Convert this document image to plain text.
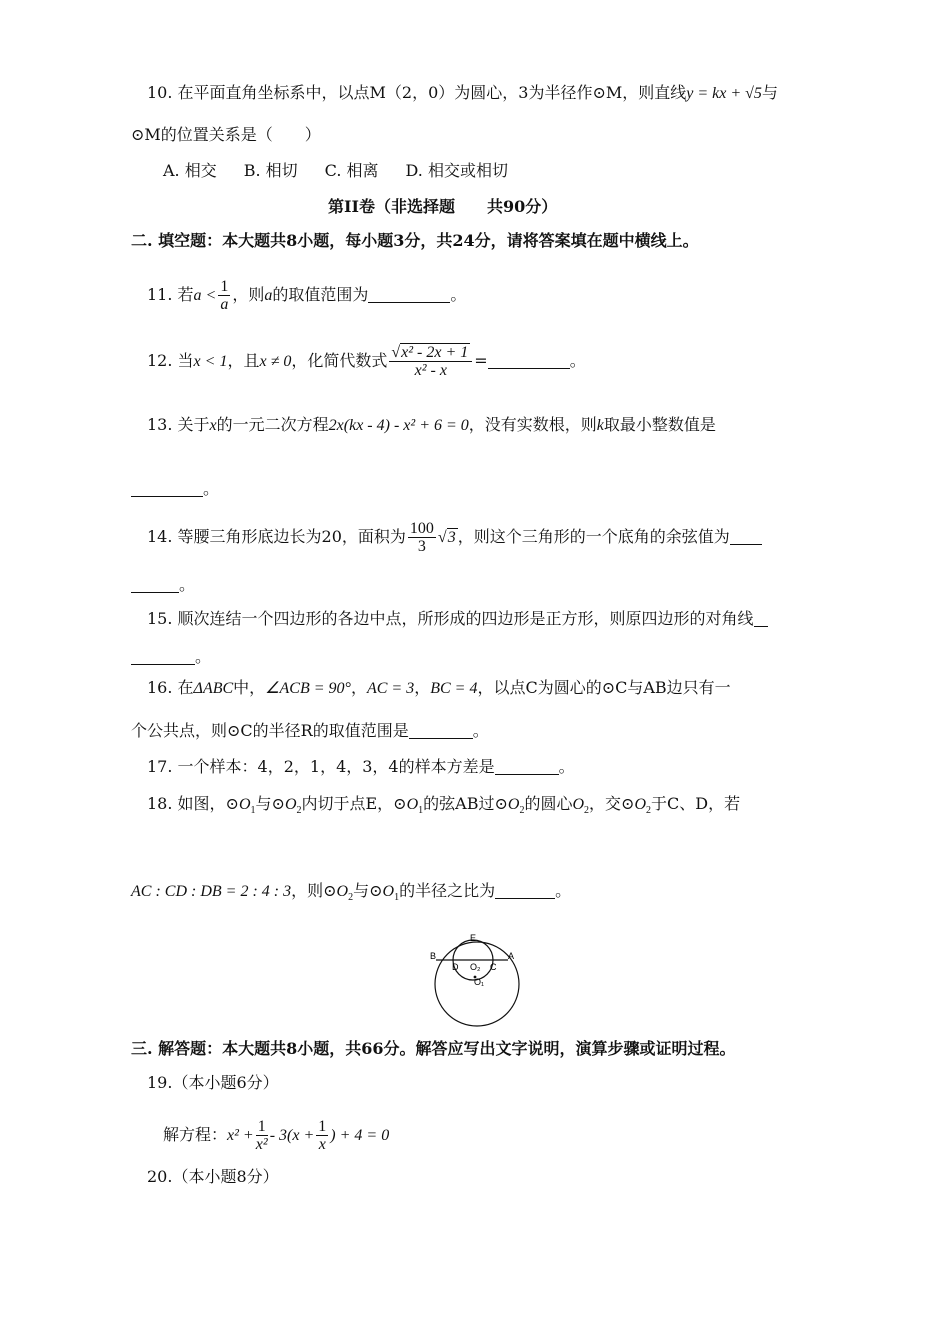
10. 在平面直角坐标系中，以点M（2，0）为圆心，3为半径作⊙M，则直线y = kx + √5与
⊙M的位置关系是（　　）
A. 相交 B. 相切 C. 相离 D. 相交或相切
第II卷（非选择题　　共90分）
二. 填空题：本大题共8小题，每小题3分，共24分，请将答案填在题中横线上。
11. 若$a < \frac{1}{a}$ ，则a的取值范围为	。
12. 当x < 1，且x ≠ 0，化简代数式 $\frac{\text{√x² - 2x + 1}}{\text{x² - x}}$ =	。
13. 关于x的一元二次方程2x(kx - 4) - x² + 6 = 0，没有实数根，则k取最小整数值是
。
14. 等腰三角形底边长为20，面积为 $\frac{100}{3} √3$ ，则这个三角形的一个底角的余弦值为
。
15. 顺次连结一个四边形的各边中点，所形成的四边形是正方形，则原四边形的对角线
。
16. 在ΔABC中，∠ACB = 90°，AC = 3，BC = 4，以点C为圆心的⊙C与AB边只有一
个公共点，则⊙C的半径R的取值范围是	。
17. 一个样本：4，2，1，4，3，4的样本方差是	。
18. 如图，$⊙O_1$与$⊙O_2$内切于点E，$⊙O_1$的弦AB过$⊙O_2$的圆心$O_2$，交$⊙O_2$于C、D，若
AC : CD : DB = 2 : 4 : 3，则$⊙O_2$与$⊙O_1$的半径之比为	。
E
B	A
D	C
O₂
O₁
三. 解答题：本大题共8小题，共66分。解答应写出文字说明，演算步骤或证明过程。
19.（本小题6分）
解方程：$x^2 + \frac{1}{\text{x²}} - 3(x + \frac{1}{x}$ ) + 4 = 0
20.（本小题8分）
